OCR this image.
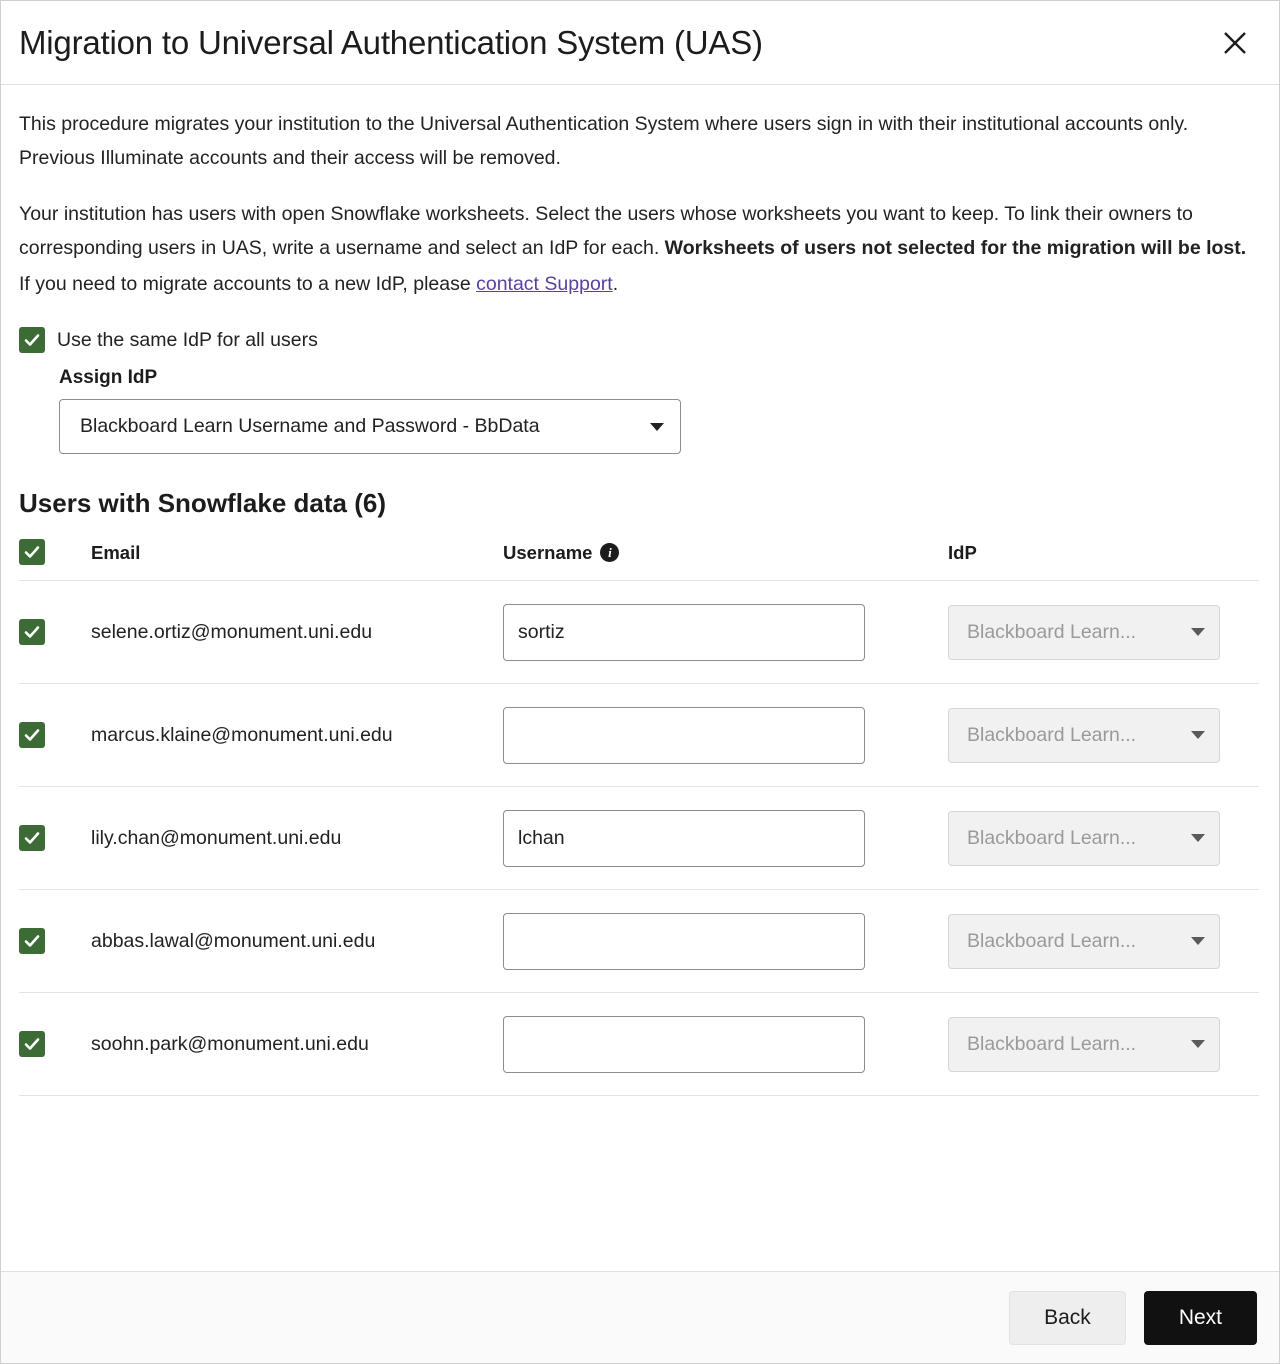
Migration to Universal Authentication System (UAS)

This procedure migrates your institution to the Universal Authentication System where users sign in with their institutional accounts only. Previous Illuminate accounts and their access will be removed.

Your institution has users with open Snowflake worksheets. Select the users whose worksheets you want to keep. To link their owners to corresponding users in UAS, write a username and select an IdP for each. Worksheets of users not selected for the migration will be lost.

If you need to migrate accounts to a new IdP, please contact Support.

Use the same IdP for all users
Assign IdP
Blackboard Learn Username and Password - BbData
Users with Snowflake data (6)
	Email	Username i	IdP

	selene.ortiz@monument.uni.edu	sortiz	Blackboard Learn...

	marcus.klaine@monument.uni.edu		Blackboard Learn...

	lily.chan@monument.uni.edu	lchan	Blackboard Learn...

	abbas.lawal@monument.uni.edu		Blackboard Learn...

	soohn.park@monument.uni.edu		Blackboard Learn...
Back	Next
